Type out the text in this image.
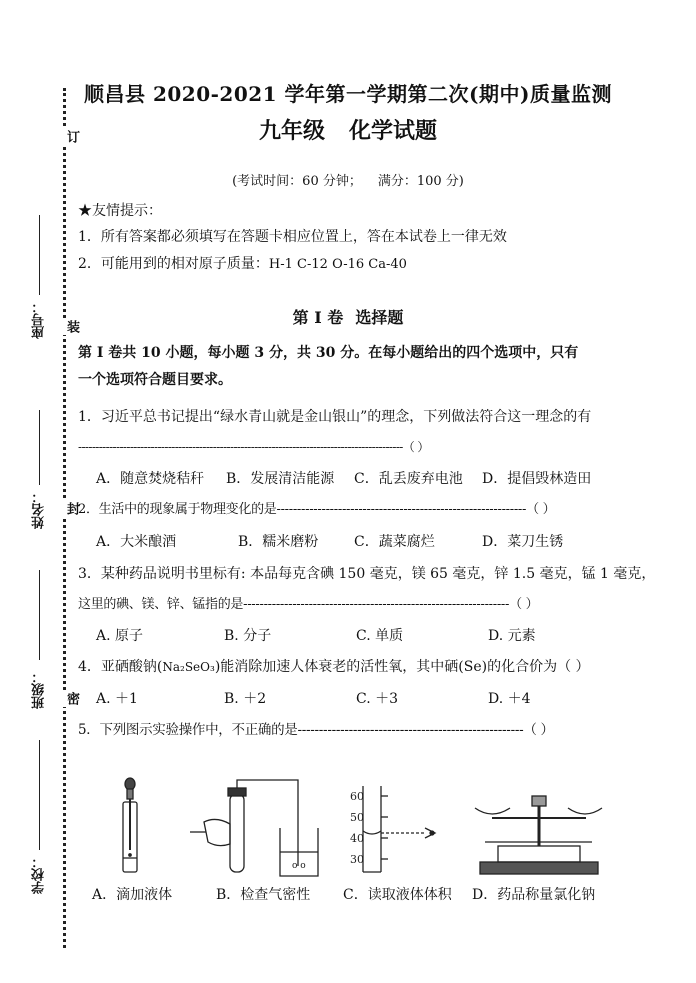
订
装
封
密
座号：
姓名：
班级：
学校：
顺昌县 2020-2021 学年第一学期第二次(期中)质量监测
九年级 化学试题
(考试时间：60 分钟； 满分：100 分)
★友情提示：
1．所有答案都必须填写在答题卡相应位置上，答在本试卷上一律无效
2．可能用到的相对原子质量：H-1 C-12 O-16 Ca-40
第 I 卷 选择题
第 I 卷共 10 小题，每小题 3 分，共 30 分。在每小题给出的四个选项中，只有
一个选项符合题目要求。
1．习近平总书记提出“绿水青山就是金山银山”的理念，下列做法符合这一理念的有
----------------------------------------------------------------------------------------------（ ）
A．随意焚烧秸秆 B．发展清洁能源 C．乱丢废弃电池 D．提倡毁林造田
2．生活中的现象属于物理变化的是-------------------------------------------------------------（ ）
A．大米酿酒	B．糯米磨粉	C．蔬菜腐烂	D．菜刀生锈
3．某种药品说明书里标有: 本品每克含碘 150 毫克，镁 65 毫克，锌 1.5 毫克，锰 1 毫克，
这里的碘、镁、锌、锰指的是-----------------------------------------------------------------（ ）
A. 原子	B. 分子	C. 单质	D. 元素
4．亚硒酸钠(Na₂SeO₃)能消除加速人体衰老的活性氧，其中硒(Se)的化合价为（ ）
A. ＋1	B. ＋2	C. ＋3	D. ＋4
5．下列图示实验操作中，不正确的是-----------------------------------------------------（ ）
o o
60
50
40
30
A．滴加液体	B．检查气密性 C．读取液体体积 D．药品称量氯化钠
